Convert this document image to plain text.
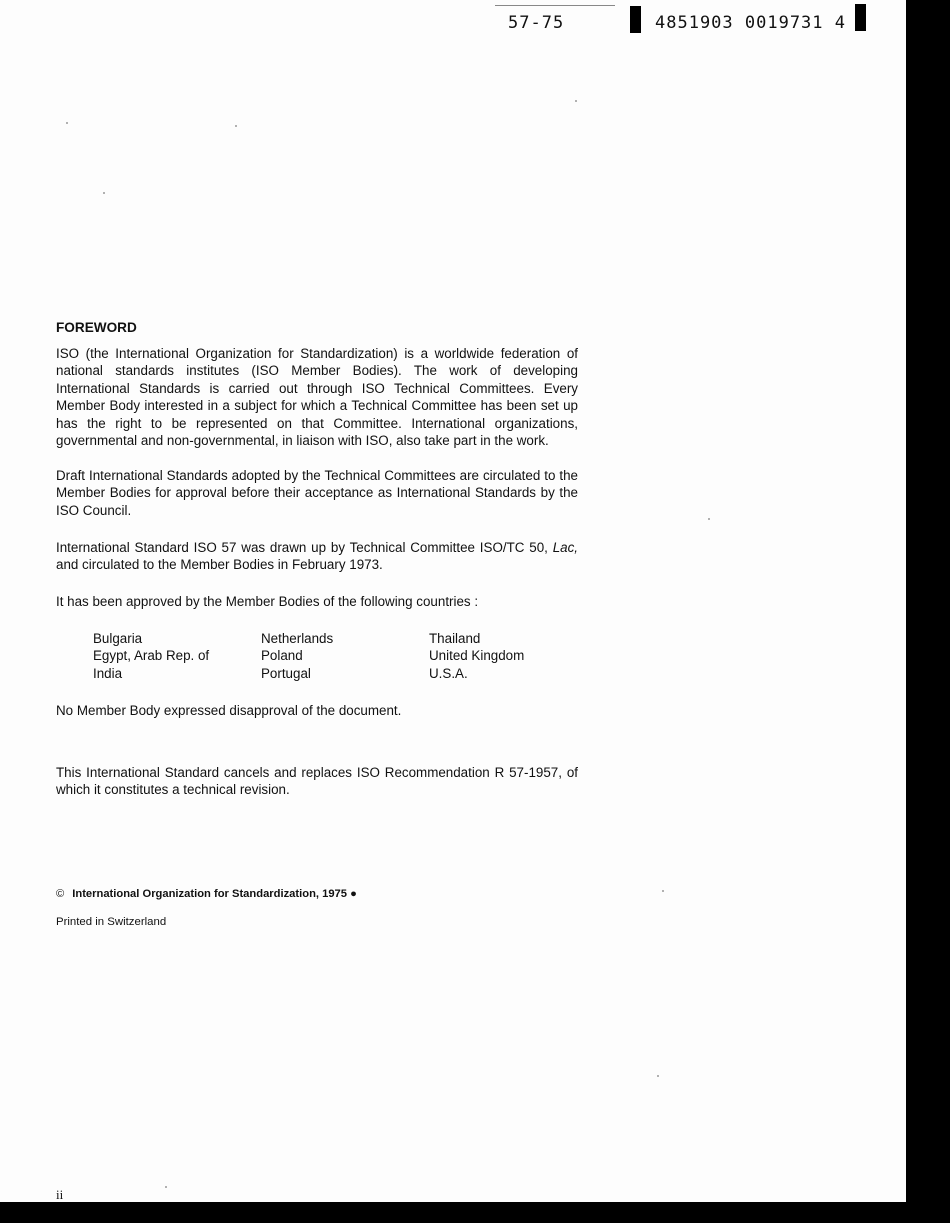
57-75	4851903 0019731 4
FOREWORD
ISO (the International Organization for Standardization) is a worldwide federation of national standards institutes (ISO Member Bodies). The work of developing International Standards is carried out through ISO Technical Committees. Every Member Body interested in a subject for which a Technical Committee has been set up has the right to be represented on that Committee. International organizations, governmental and non-governmental, in liaison with ISO, also take part in the work.
Draft International Standards adopted by the Technical Committees are circulated to the Member Bodies for approval before their acceptance as International Standards by the ISO Council.
International Standard ISO 57 was drawn up by Technical Committee ISO/TC 50, Lac, and circulated to the Member Bodies in February 1973.
It has been approved by the Member Bodies of the following countries :
Bulgaria
Egypt, Arab Rep. of
India
Netherlands
Poland
Portugal
Thailand
United Kingdom
U.S.A.
No Member Body expressed disapproval of the document.
This International Standard cancels and replaces ISO Recommendation R 57-1957, of which it constitutes a technical revision.
© International Organization for Standardization, 1975 ●
Printed in Switzerland
ii
